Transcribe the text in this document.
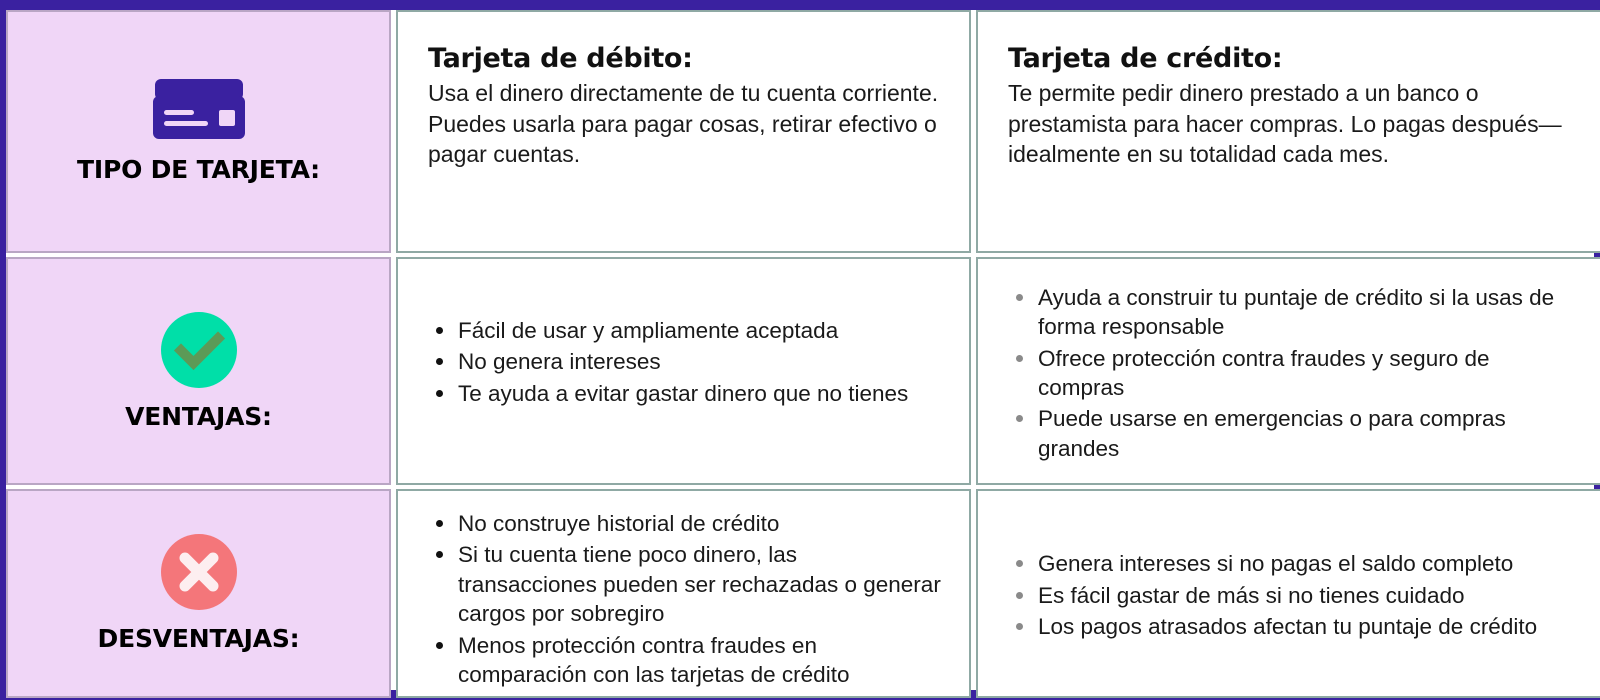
TIPO DE TARJETA:
Tarjeta de débito:
Usa el dinero directamente de tu cuenta corriente. Puedes usarla para pagar cosas, retirar efectivo o pagar cuentas.
Tarjeta de crédito:
Te permite pedir dinero prestado a un banco o prestamista para hacer compras. Lo pagas después—idealmente en su totalidad cada mes.
VENTAJAS:
Fácil de usar y ampliamente aceptada
No genera intereses
Te ayuda a evitar gastar dinero que no tienes
Ayuda a construir tu puntaje de crédito si la usas de forma responsable
Ofrece protección contra fraudes y seguro de compras
Puede usarse en emergencias o para compras grandes
DESVENTAJAS:
No construye historial de crédito
Si tu cuenta tiene poco dinero, las transacciones pueden ser rechazadas o generar cargos por sobregiro
Menos protección contra fraudes en comparación con las tarjetas de crédito
Genera intereses si no pagas el saldo completo
Es fácil gastar de más si no tienes cuidado
Los pagos atrasados afectan tu puntaje de crédito
